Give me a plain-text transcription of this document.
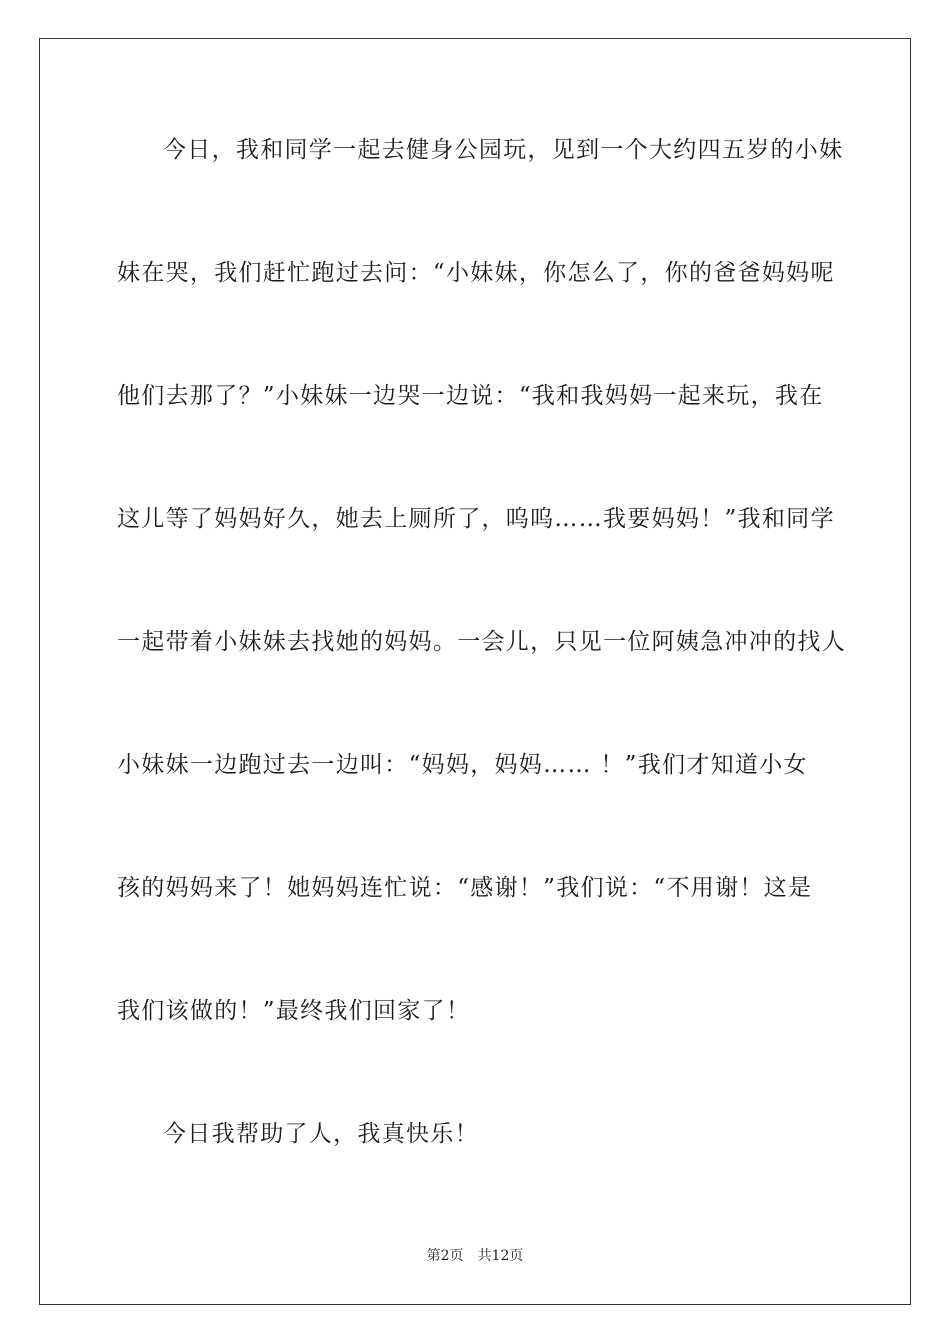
今日，我和同学一起去健身公园玩，见到一个大约四五岁的小妹
妹在哭，我们赶忙跑过去问：“小妹妹，你怎么了，你的爸爸妈妈呢
他们去那了？”小妹妹一边哭一边说：“我和我妈妈一起来玩，我在
这儿等了妈妈好久，她去上厕所了，呜呜……我要妈妈！”我和同学
一起带着小妹妹去找她的妈妈。一会儿，只见一位阿姨急冲冲的找人
小妹妹一边跑过去一边叫：“妈妈，妈妈…… ！”我们才知道小女
孩的妈妈来了！她妈妈连忙说：“感谢！”我们说：“不用谢！这是
我们该做的！”最终我们回家了！
今日我帮助了人，我真快乐！
第2页 共12页
